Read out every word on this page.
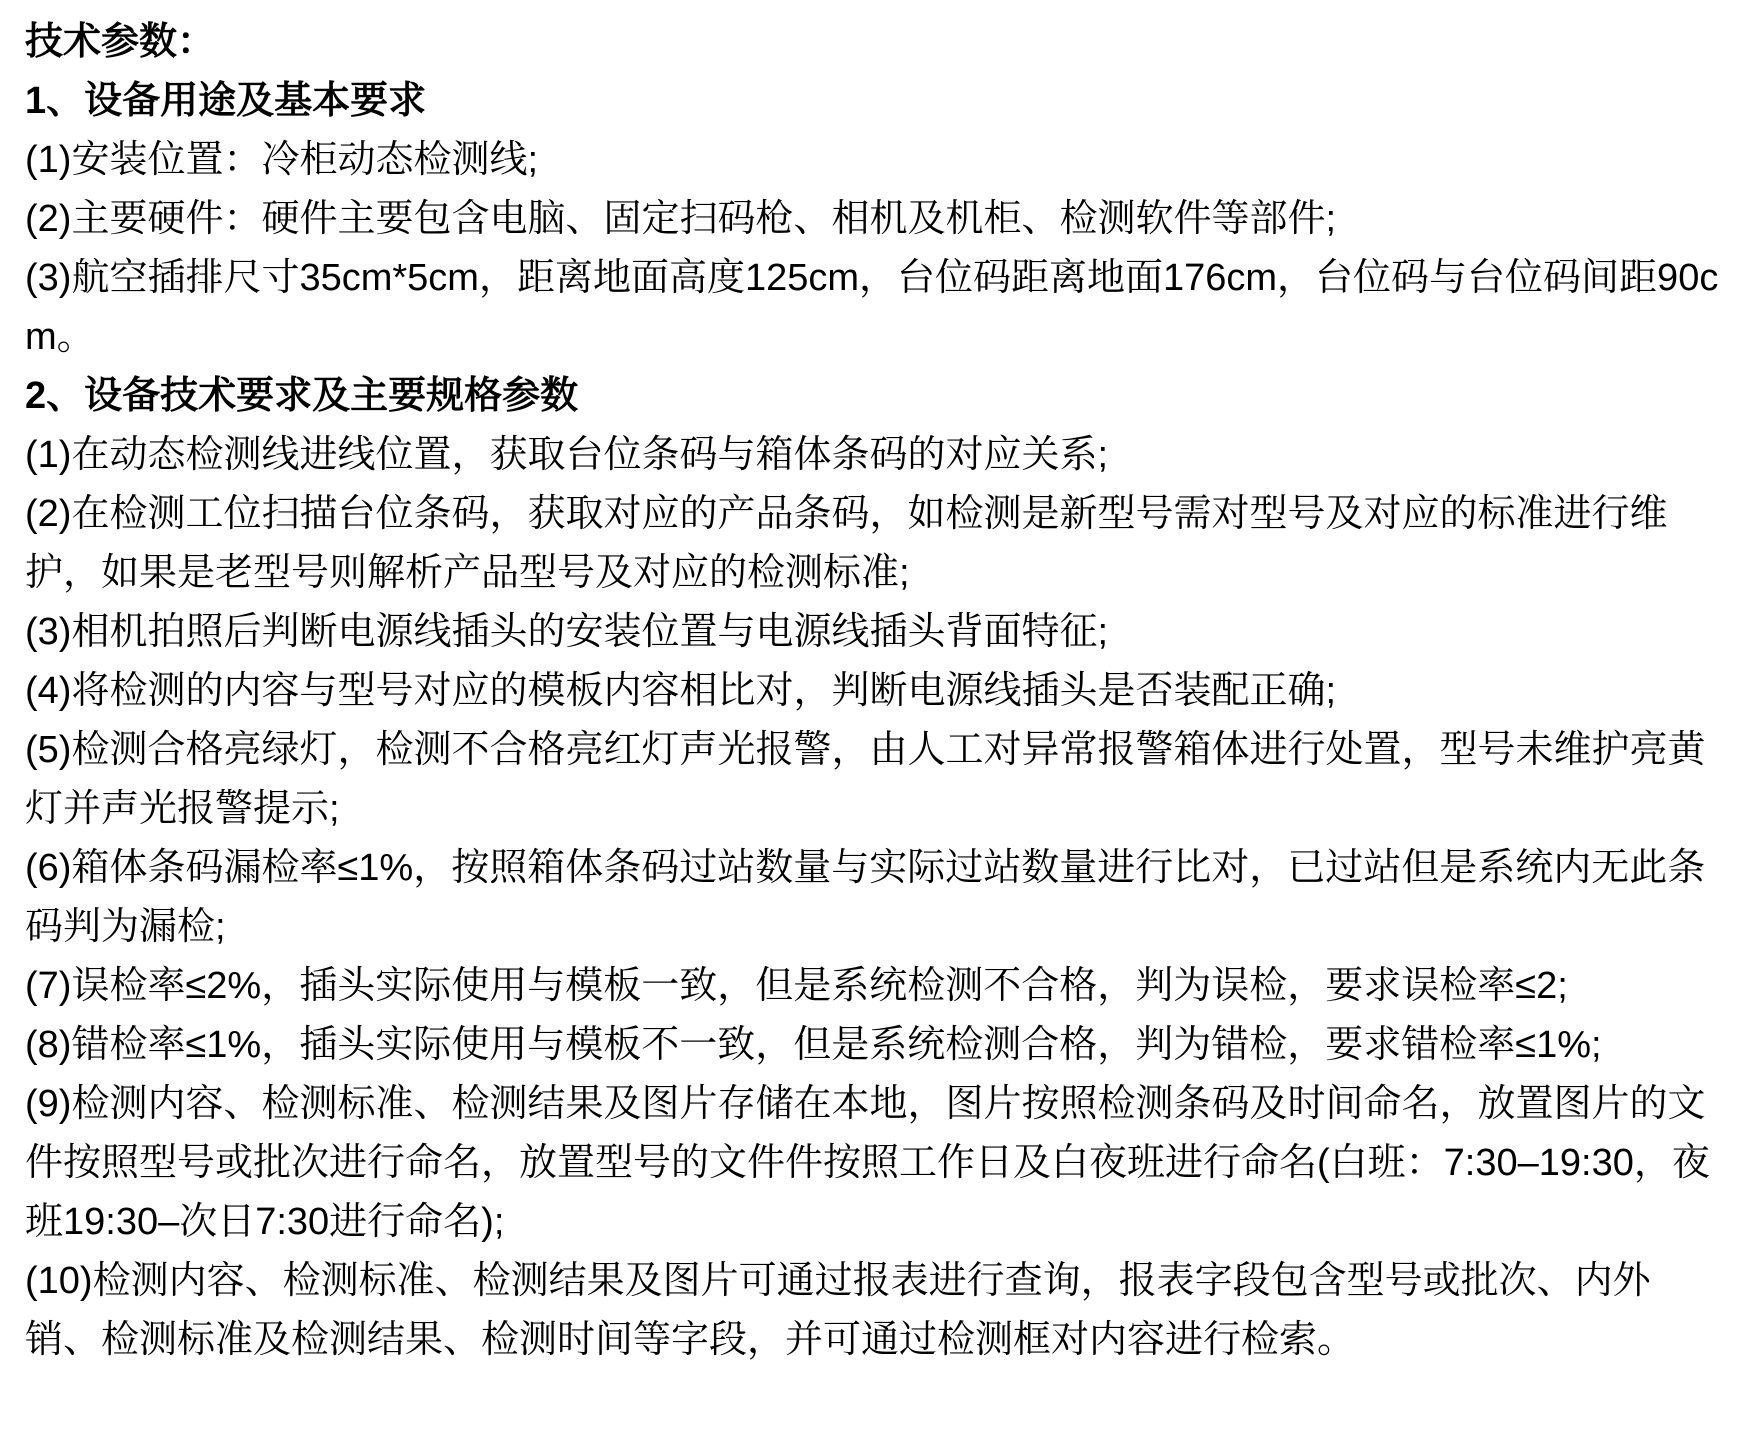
技术参数：

1、设备用途及基本要求

(1)安装位置：冷柜动态检测线;

(2)主要硬件：硬件主要包含电脑、固定扫码枪、相机及机柜、检测软件等部件;

(3)航空插排尺寸35cm*5cm，距离地面高度125cm，台位码距离地面176cm，台位码与台位码间距90cm。

2、设备技术要求及主要规格参数

(1)在动态检测线进线位置，获取台位条码与箱体条码的对应关系;

(2)在检测工位扫描台位条码，获取对应的产品条码，如检测是新型号需对型号及对应的标准进行维护，如果是老型号则解析产品型号及对应的检测标准;

(3)相机拍照后判断电源线插头的安装位置与电源线插头背面特征;

(4)将检测的内容与型号对应的模板内容相比对，判断电源线插头是否装配正确;

(5)检测合格亮绿灯，检测不合格亮红灯声光报警，由人工对异常报警箱体进行处置，型号未维护亮黄灯并声光报警提示;

(6)箱体条码漏检率≤1%，按照箱体条码过站数量与实际过站数量进行比对，已过站但是系统内无此条码判为漏检;

(7)误检率≤2%，插头实际使用与模板一致，但是系统检测不合格，判为误检，要求误检率≤2;

(8)错检率≤1%，插头实际使用与模板不一致，但是系统检测合格，判为错检，要求错检率≤1%;

(9)检测内容、检测标准、检测结果及图片存储在本地，图片按照检测条码及时间命名，放置图片的文件按照型号或批次进行命名，放置型号的文件件按照工作日及白夜班进行命名(白班：7:30–19:30，夜班19:30–次日7:30进行命名);

(10)检测内容、检测标准、检测结果及图片可通过报表进行查询，报表字段包含型号或批次、内外销、检测标准及检测结果、检测时间等字段，并可通过检测框对内容进行检索。
